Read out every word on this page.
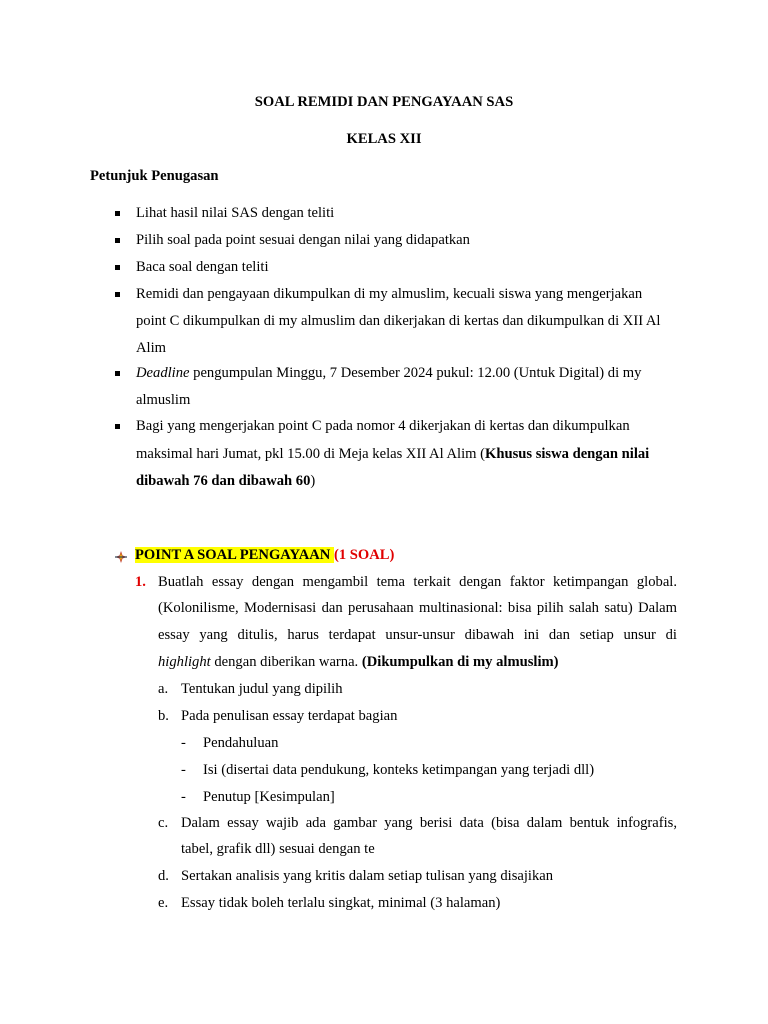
SOAL REMIDI DAN PENGAYAAN SAS
KELAS XII
Petunjuk Penugasan
Lihat hasil nilai SAS dengan teliti
Pilih soal pada point sesuai dengan nilai yang didapatkan
Baca soal dengan teliti
Remidi dan pengayaan dikumpulkan di my almuslim, kecuali siswa yang mengerjakan
point C dikumpulkan di my almuslim dan dikerjakan di kertas dan dikumpulkan di XII Al
Alim
Deadline pengumpulan Minggu, 7 Desember 2024 pukul: 12.00 (Untuk Digital) di my
almuslim
Bagi yang mengerjakan point C pada nomor 4 dikerjakan di kertas dan dikumpulkan
maksimal hari Jumat, pkl 15.00 di Meja kelas XII Al Alim (Khusus siswa dengan nilai
dibawah 76 dan dibawah 60)
POINT A SOAL PENGAYAAN (1 SOAL)
1. Buatlah essay dengan mengambil tema terkait dengan faktor ketimpangan global.
(Kolonilisme, Modernisasi dan perusahaan multinasional: bisa pilih salah satu) Dalam
essay yang ditulis, harus terdapat unsur-unsur dibawah ini dan setiap unsur di
highlight dengan diberikan warna. (Dikumpulkan di my almuslim)
a. Tentukan judul yang dipilih
b. Pada penulisan essay terdapat bagian
- Pendahuluan
- Isi (disertai data pendukung, konteks ketimpangan yang terjadi dll)
- Penutup [Kesimpulan]
c. Dalam essay wajib ada gambar yang berisi data (bisa dalam bentuk infografis,
tabel, grafik dll) sesuai dengan te
d. Sertakan analisis yang kritis dalam setiap tulisan yang disajikan
e. Essay tidak boleh terlalu singkat, minimal (3 halaman)
